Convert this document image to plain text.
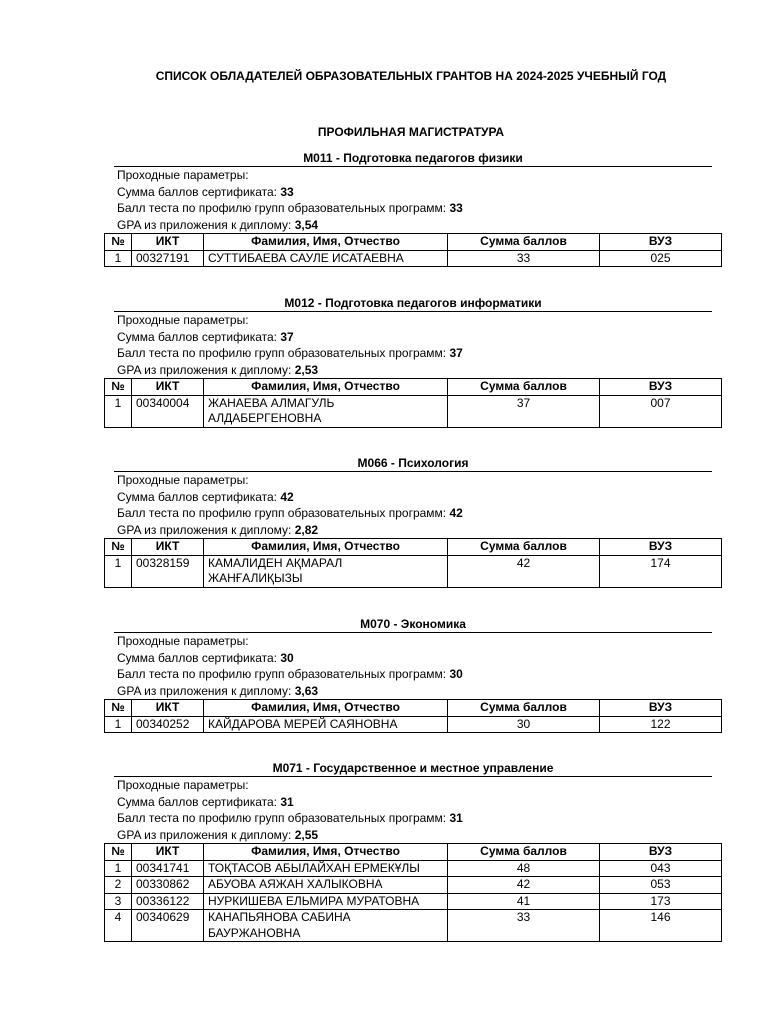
СПИСОК ОБЛАДАТЕЛЕЙ ОБРАЗОВАТЕЛЬНЫХ ГРАНТОВ НА 2024-2025 УЧЕБНЫЙ ГОД
ПРОФИЛЬНАЯ МАГИСТРАТУРА
М011 - Подготовка педагогов физики
Проходные параметры:
Сумма баллов сертификата: 33
Балл теста по профилю групп образовательных программ: 33
GPA из приложения к диплому: 3,54
№	ИКТ	Фамилия, Имя, Отчество	Сумма баллов	ВУЗ
1	00327191	СУТТИБАЕВА САУЛЕ ИСАТАЕВНА	33	025
М012 - Подготовка педагогов информатики
Проходные параметры:
Сумма баллов сертификата: 37
Балл теста по профилю групп образовательных программ: 37
GPA из приложения к диплому: 2,53
№	ИКТ	Фамилия, Имя, Отчество	Сумма баллов	ВУЗ
1	00340004	ЖАНАЕВА АЛМАГУЛЬ
АЛДАБЕРГЕНОВНА	37	007
М066 - Психология
Проходные параметры:
Сумма баллов сертификата: 42
Балл теста по профилю групп образовательных программ: 42
GPA из приложения к диплому: 2,82
№	ИКТ	Фамилия, Имя, Отчество	Сумма баллов	ВУЗ
1	00328159	КАМАЛИДЕН АҚМАРАЛ
ЖАНҒАЛИҚЫЗЫ	42	174
М070 - Экономика
Проходные параметры:
Сумма баллов сертификата: 30
Балл теста по профилю групп образовательных программ: 30
GPA из приложения к диплому: 3,63
№	ИКТ	Фамилия, Имя, Отчество	Сумма баллов	ВУЗ
1	00340252	КАЙДАРОВА МЕРЕЙ САЯНОВНА	30	122
М071 - Государственное и местное управление
Проходные параметры:
Сумма баллов сертификата: 31
Балл теста по профилю групп образовательных программ: 31
GPA из приложения к диплому: 2,55
№	ИКТ	Фамилия, Имя, Отчество	Сумма баллов	ВУЗ
1	00341741	ТОҚТАСОВ АБЫЛАЙХАН ЕРМЕКҰЛЫ	48	043
2	00330862	АБУОВА АЯЖАН ХАЛЫКОВНА	42	053
3	00336122	НУРКИШЕВА ЕЛЬМИРА МУРАТОВНА	41	173
4	00340629	КАНАПЬЯНОВА САБИНА
БАУРЖАНОВНА	33	146
